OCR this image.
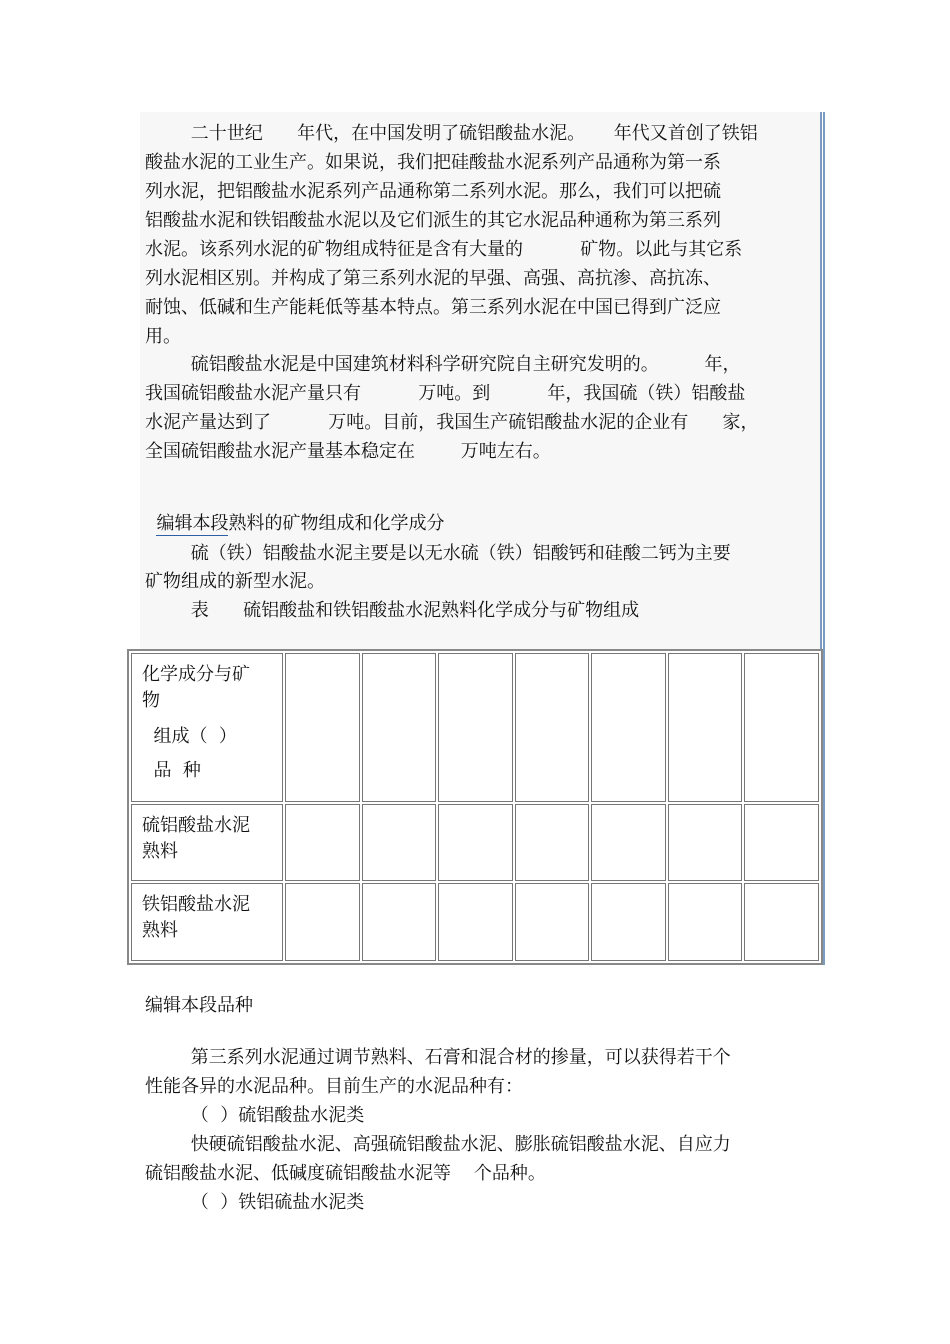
二十世纪      年代，在中国发明了硫铝酸盐水泥。     年代又首创了铁铝
酸盐水泥的工业生产。如果说，我们把硅酸盐水泥系列产品通称为第一系
列水泥，把铝酸盐水泥系列产品通称第二系列水泥。那么，我们可以把硫
铝酸盐水泥和铁铝酸盐水泥以及它们派生的其它水泥品种通称为第三系列
水泥。该系列水泥的矿物组成特征是含有大量的          矿物。以此与其它系
列水泥相区别。并构成了第三系列水泥的早强、高强、高抗渗、高抗冻、
耐蚀、低碱和生产能耗低等基本特点。第三系列水泥在中国已得到广泛应
用。
硫铝酸盐水泥是中国建筑材料科学研究院自主研究发明的。        年，
我国硫铝酸盐水泥产量只有          万吨。到          年，我国硫（铁）铝酸盐
水泥产量达到了          万吨。目前，我国生产硫铝酸盐水泥的企业有      家，
全国硫铝酸盐水泥产量基本稳定在        万吨左右。

编辑本段熟料的矿物组成和化学成分

硫（铁）铝酸盐水泥主要是以无水硫（铁）铝酸钙和硅酸二钙为主要
矿物组成的新型水泥。
表      硫铝酸盐和铁铝酸盐水泥熟料化学成分与矿物组成
化学成分与矿
物
组成（  ）
品  种							

硫铝酸盐水泥
熟料							

铁铝酸盐水泥
熟料							

编辑本段品种
第三系列水泥通过调节熟料、石膏和混合材的掺量，可以获得若干个
性能各异的水泥品种。目前生产的水泥品种有：
（  ）硫铝酸盐水泥类
快硬硫铝酸盐水泥、高强硫铝酸盐水泥、膨胀硫铝酸盐水泥、自应力
硫铝酸盐水泥、低碱度硫铝酸盐水泥等    个品种。
（  ）铁铝硫盐水泥类
